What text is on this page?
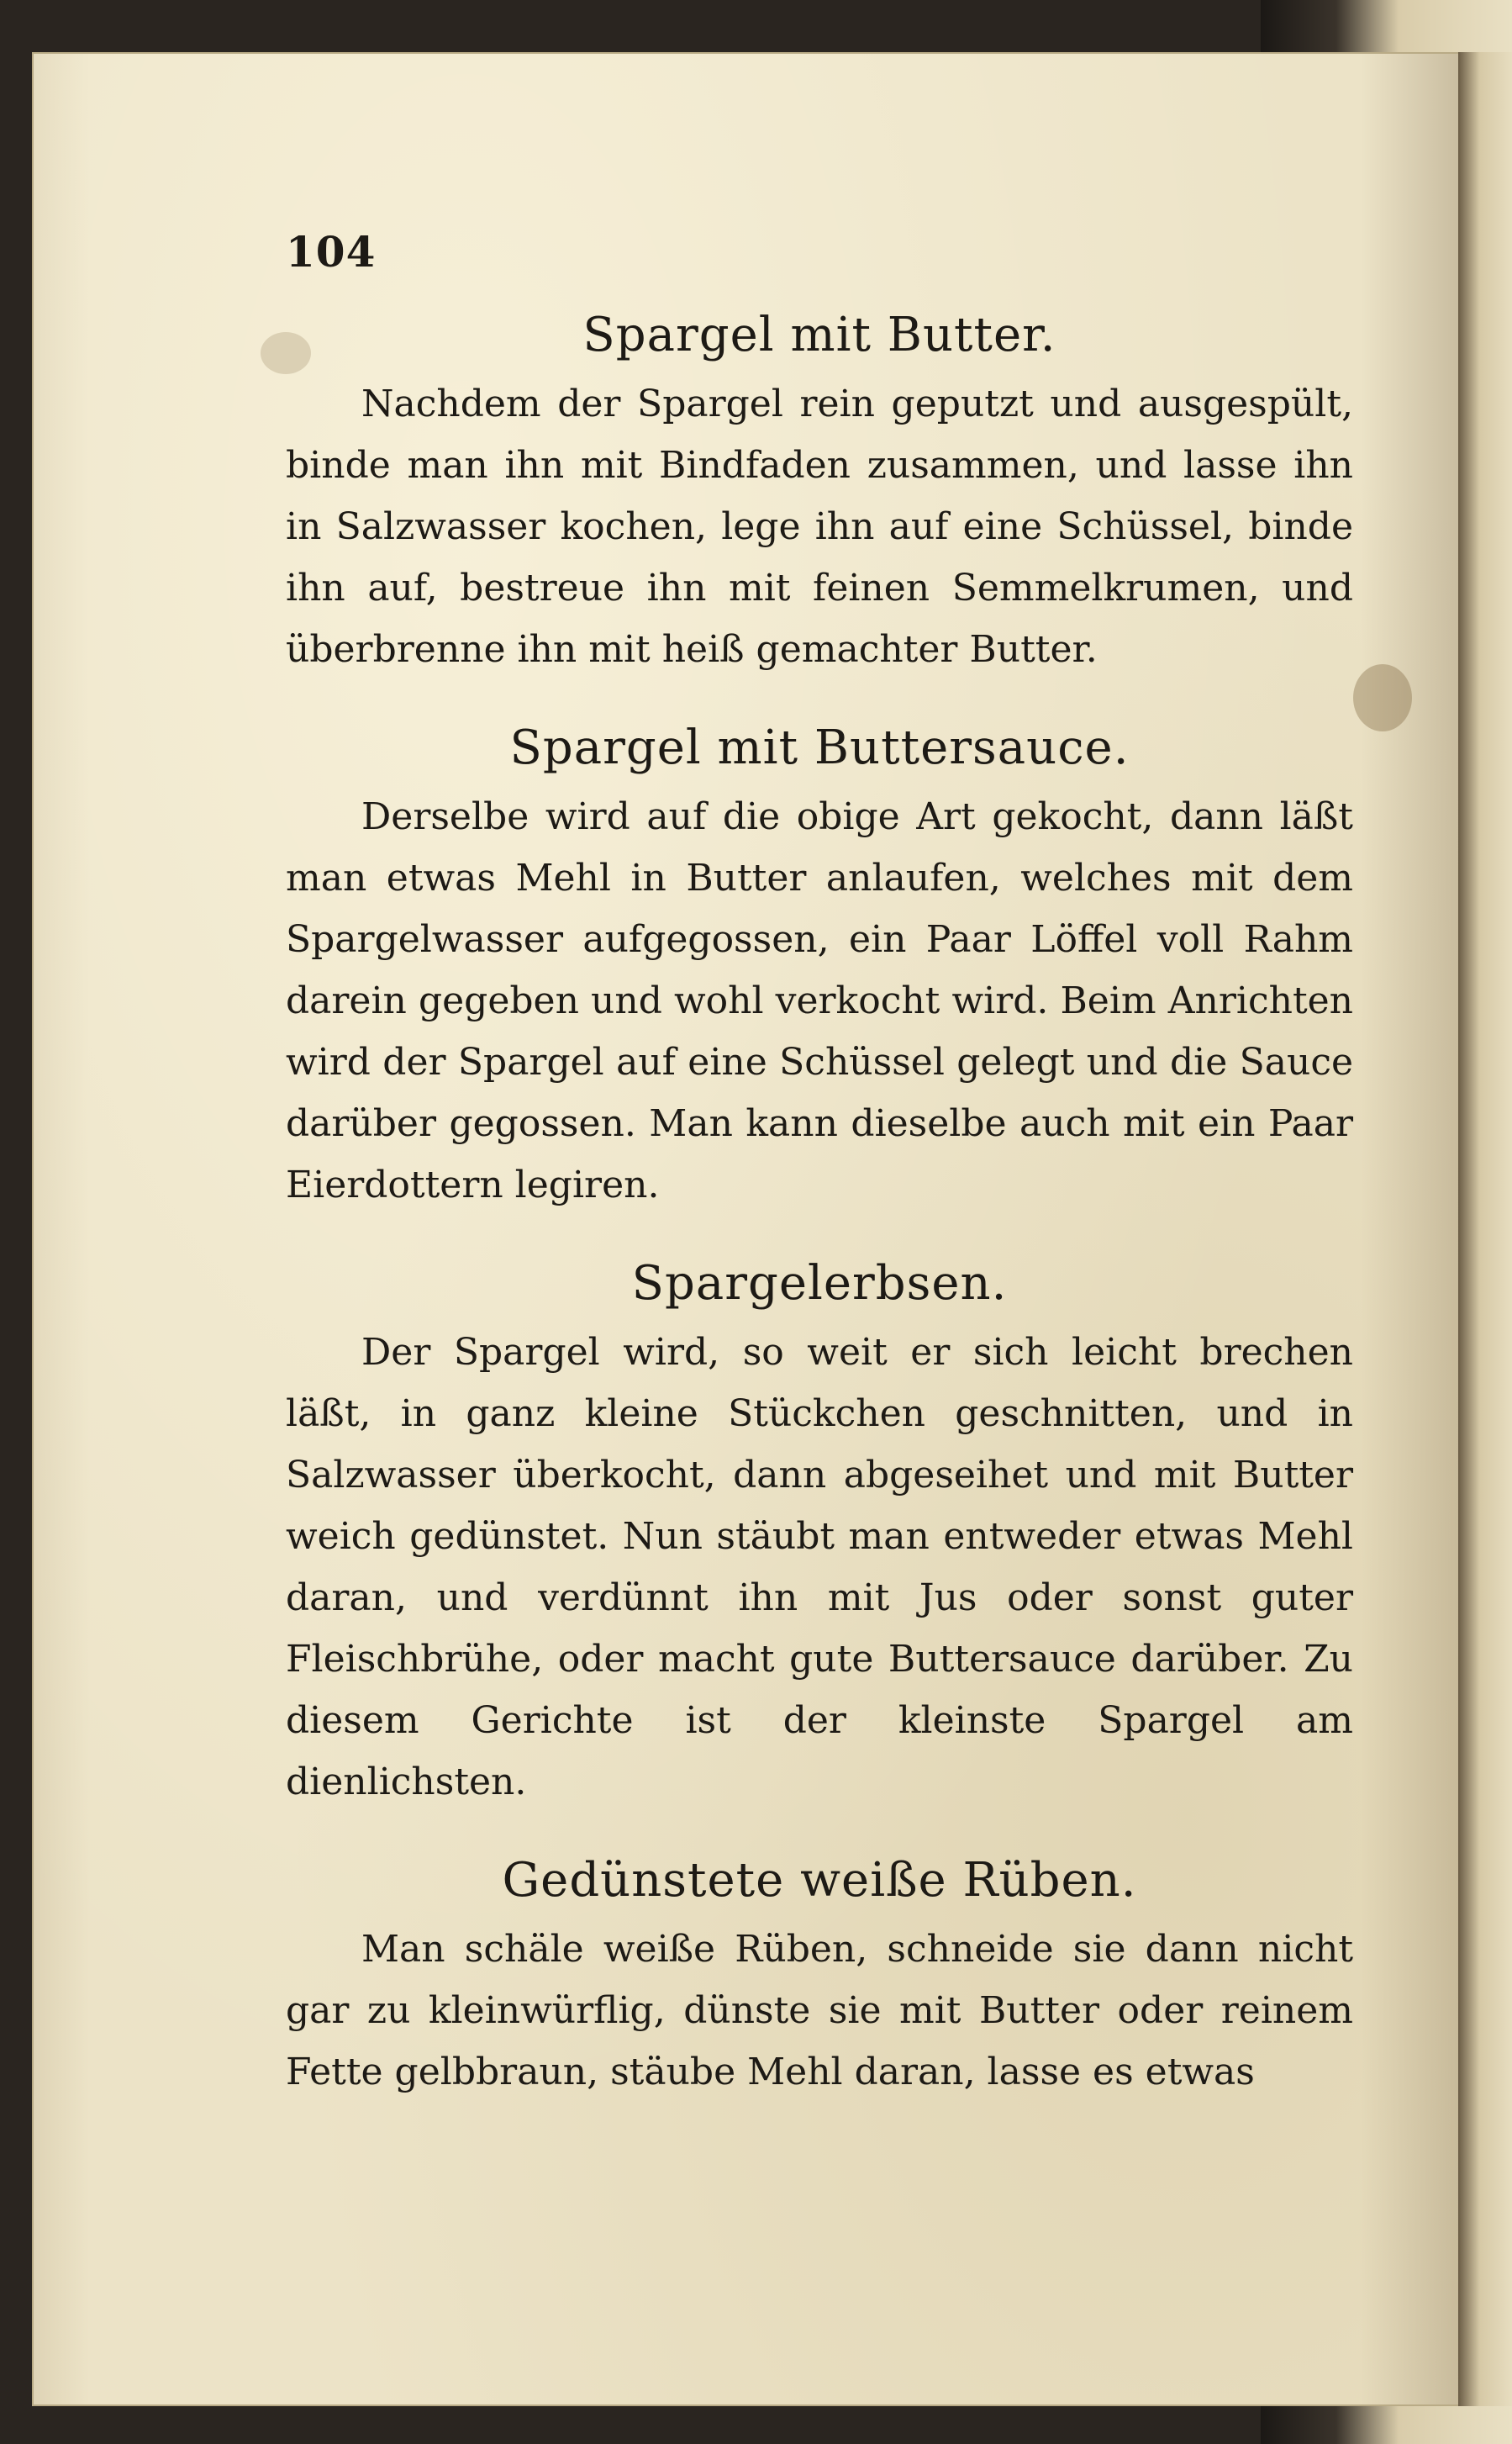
104
Spargel mit Butter.

Nachdem der Spargel rein geputzt und ausgespült, binde man ihn mit Bindfaden zusammen, und lasse ihn in Salzwasser kochen, lege ihn auf eine Schüssel, binde ihn auf, bestreue ihn mit feinen Semmelkrumen, und überbrenne ihn mit heiß gemachter Butter.

Spargel mit Buttersauce.

Derselbe wird auf die obige Art gekocht, dann läßt man etwas Mehl in Butter anlaufen, welches mit dem Spargelwasser aufgegossen, ein Paar Löffel voll Rahm darein gegeben und wohl verkocht wird. Beim Anrichten wird der Spargel auf eine Schüssel gelegt und die Sauce darüber gegossen. Man kann dieselbe auch mit ein Paar Eierdottern legiren.

Spargelerbsen.

Der Spargel wird, so weit er sich leicht brechen läßt, in ganz kleine Stückchen geschnitten, und in Salzwasser überkocht, dann abgeseihet und mit Butter weich gedünstet. Nun stäubt man entweder etwas Mehl daran, und verdünnt ihn mit Jus oder sonst guter Fleischbrühe, oder macht gute Buttersauce darüber. Zu diesem Gerichte ist der kleinste Spargel am dienlichsten.

Gedünstete weiße Rüben.

Man schäle weiße Rüben, schneide sie dann nicht gar zu kleinwürflig, dünste sie mit Butter oder reinem Fette gelbbraun, stäube Mehl daran, lasse es etwas
